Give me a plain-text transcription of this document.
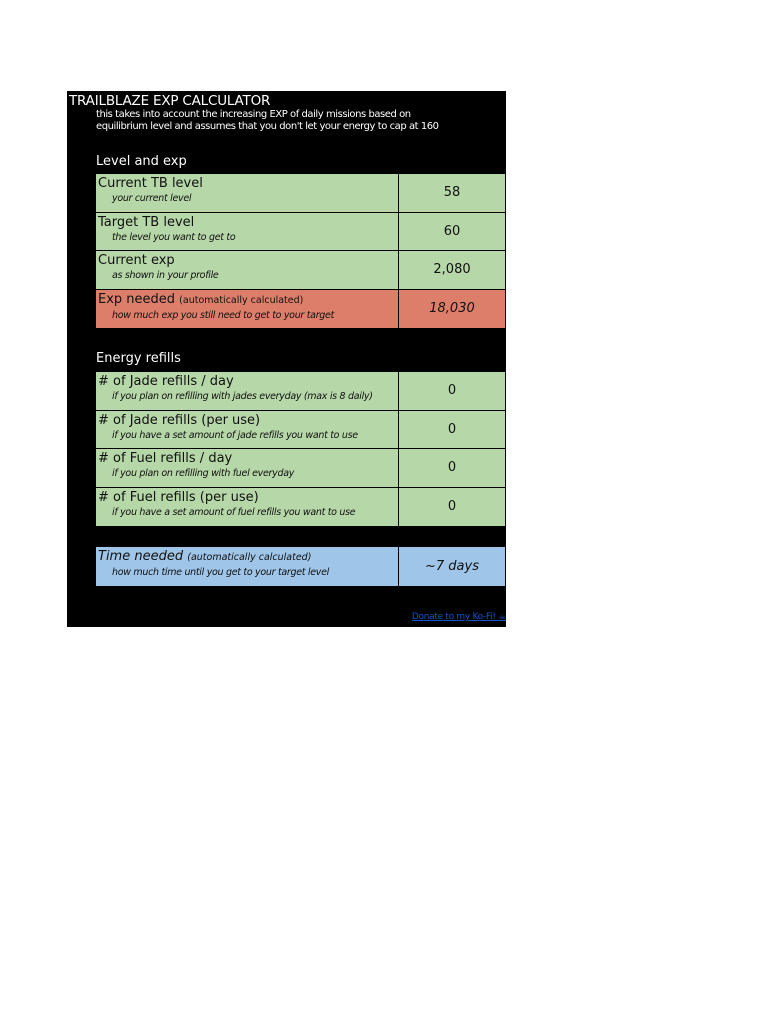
TRAILBLAZE EXP CALCULATOR
this takes into account the increasing EXP of daily missions based on
equilibrium level and assumes that you don't let your energy to cap at 160
Level and exp
Current TB level
your current level	58
Target TB level
the level you want to get to	60
Current exp
as shown in your profile	2,080
Exp needed (automatically calculated)
how much exp you still need to get to your target	18,030
Energy refills
# of Jade refills / day
if you plan on refilling with jades everyday (max is 8 daily)	0
# of Jade refills (per use)
if you have a set amount of jade refills you want to use	0
# of Fuel refills / day
if you plan on refilling with fuel everyday	0
# of Fuel refills (per use)
if you have a set amount of fuel refills you want to use	0
Time needed (automatically calculated)
how much time until you get to your target level	~7 days
Donate to my Ko-Fi! ☕
